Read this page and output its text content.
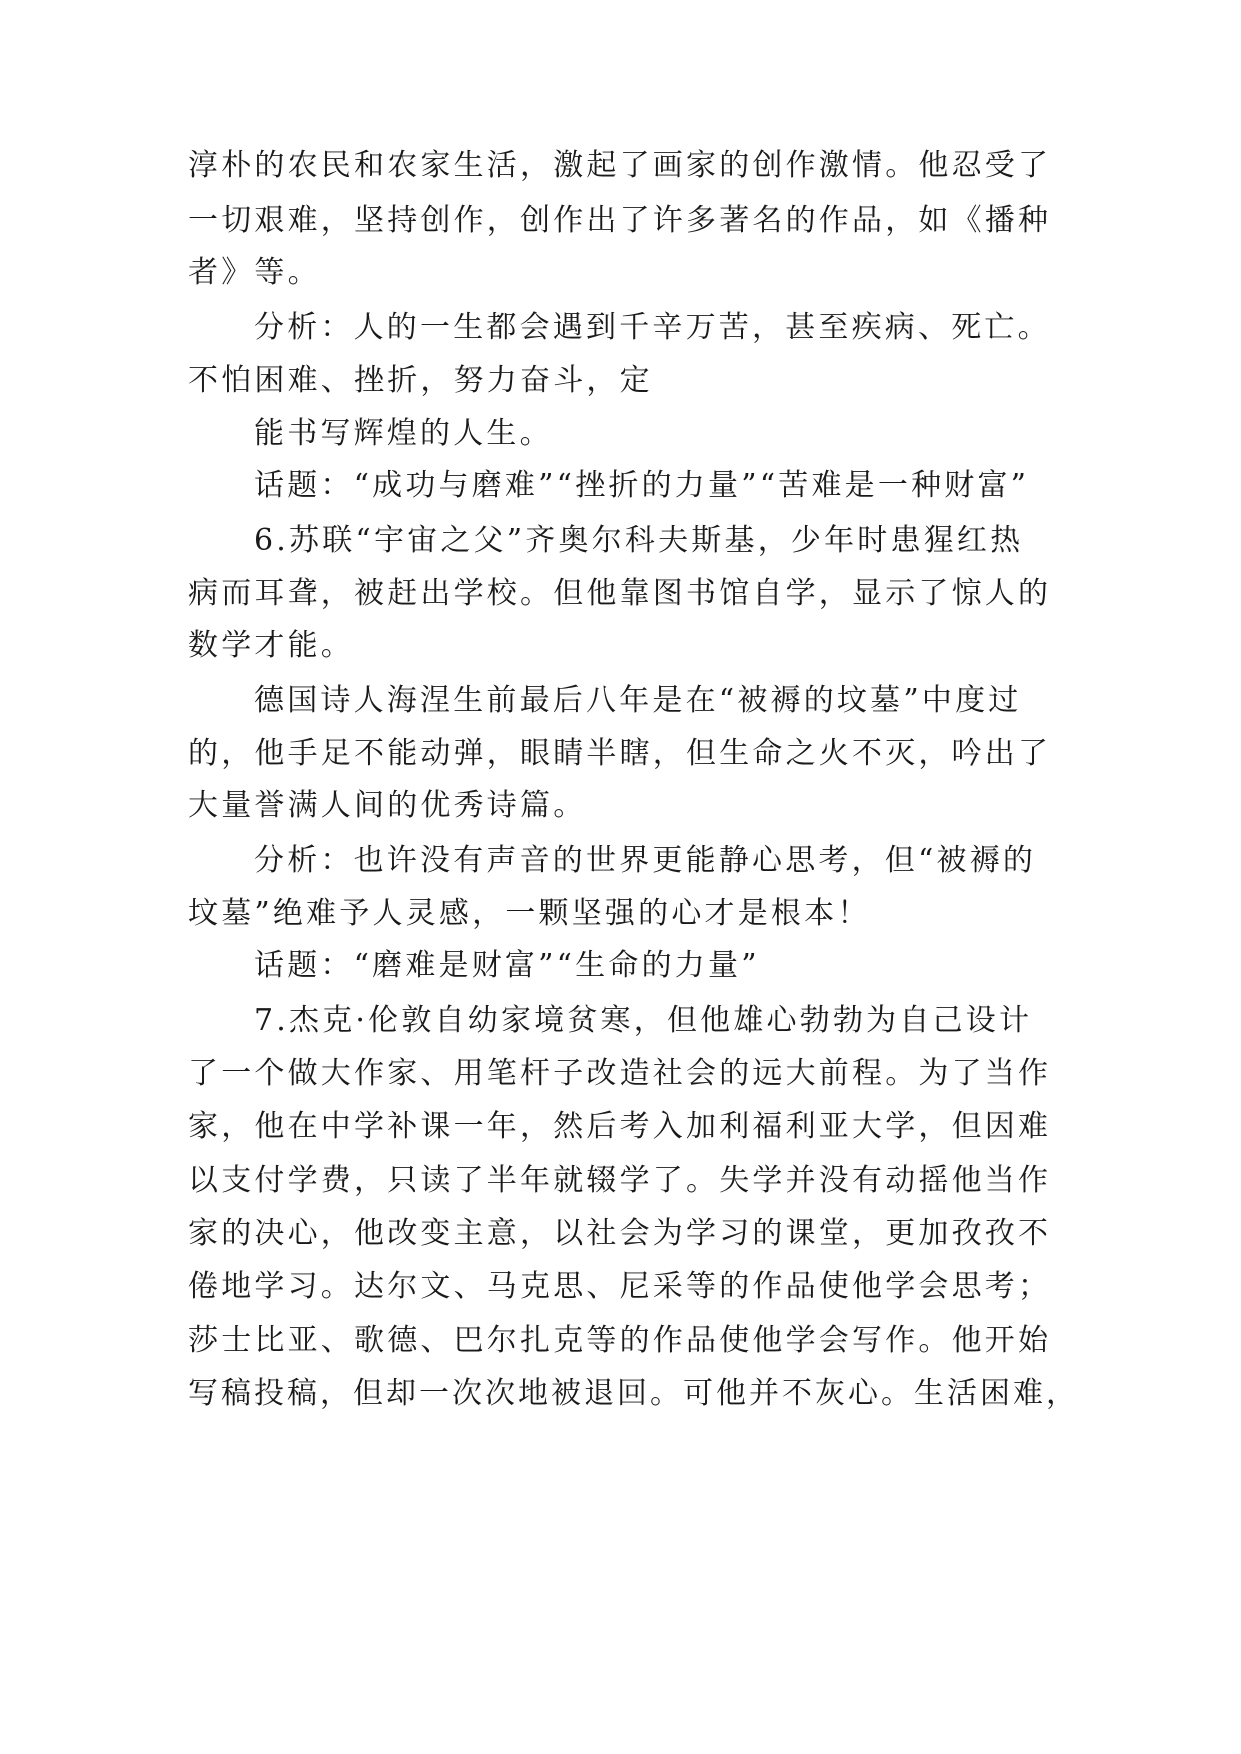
淳朴的农民和农家生活，激起了画家的创作激情。他忍受了
一切艰难，坚持创作，创作出了许多著名的作品，如《播种
者》等。
分析：人的一生都会遇到千辛万苦，甚至疾病、死亡。
不怕困难、挫折，努力奋斗，定
能书写辉煌的人生。
话题：“成功与磨难”“挫折的力量”“苦难是一种财富”
6.苏联“宇宙之父”齐奥尔科夫斯基，少年时患猩红热
病而耳聋，被赶出学校。但他靠图书馆自学，显示了惊人的
数学才能。
德国诗人海涅生前最后八年是在“被褥的坟墓”中度过
的，他手足不能动弹，眼睛半瞎，但生命之火不灭，吟出了
大量誉满人间的优秀诗篇。
分析：也许没有声音的世界更能静心思考，但“被褥的
坟墓”绝难予人灵感，一颗坚强的心才是根本！
话题：“磨难是财富”“生命的力量”
7.杰克·伦敦自幼家境贫寒，但他雄心勃勃为自己设计
了一个做大作家、用笔杆子改造社会的远大前程。为了当作
家，他在中学补课一年，然后考入加利福利亚大学，但因难
以支付学费，只读了半年就辍学了。失学并没有动摇他当作
家的决心，他改变主意，以社会为学习的课堂，更加孜孜不
倦地学习。达尔文、马克思、尼采等的作品使他学会思考；
莎士比亚、歌德、巴尔扎克等的作品使他学会写作。他开始
写稿投稿，但却一次次地被退回。可他并不灰心。生活困难，
